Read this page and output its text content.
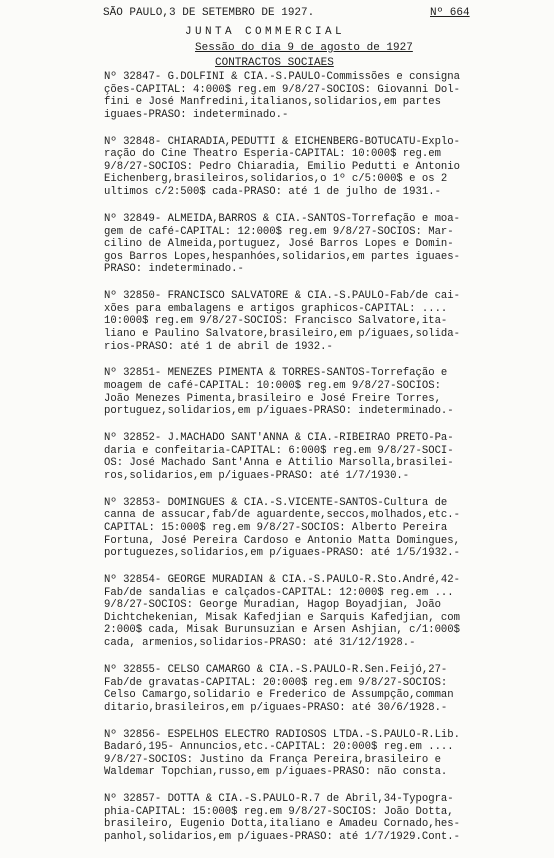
SÃO PAULO,3 DE SETEMBRO DE 1927.	Nº 664
JUNTA COMMERCIAL
Sessão do dia 9 de agosto de 1927
CONTRACTOS SOCIAES
Nº 32847- G.DOLFINI & CIA.-S.PAULO-Commissões e consigna
ções-CAPITAL: 4:000$ reg.em 9/8/27-SOCIOS: Giovanni Dol-
fini e José Manfredini,italianos,solidarios,em partes
iguaes-PRASO: indeterminado.-
Nº 32848- CHIARADIA,PEDUTTI & EICHENBERG-BOTUCATU-Explo-
ração do Cine Theatro Esperia-CAPITAL: 10:000$ reg.em
9/8/27-SOCIOS: Pedro Chiaradia, Emilio Pedutti e Antonio
Eichenberg,brasileiros,solidarios,o 1º c/5:000$ e os 2
ultimos c/2:500$ cada-PRASO: até 1 de julho de 1931.-
Nº 32849- ALMEIDA,BARROS & CIA.-SANTOS-Torrefação e moa-
gem de café-CAPITAL: 12:000$ reg.em 9/8/27-SOCIOS: Mar-
cilino de Almeida,portuguez, José Barros Lopes e Domin-
gos Barros Lopes,hespanhóes,solidarios,em partes iguaes-
PRASO: indeterminado.-
Nº 32850- FRANCISCO SALVATORE & CIA.-S.PAULO-Fab/de cai-
xões para embalagens e artigos graphicos-CAPITAL: ....
10:000$ reg.em 9/8/27-SOCIOS: Francisco Salvatore,ita-
liano e Paulino Salvatore,brasileiro,em p/iguaes,solida-
rios-PRASO: até 1 de abril de 1932.-
Nº 32851- MENEZES PIMENTA & TORRES-SANTOS-Torrefação e
moagem de café-CAPITAL: 10:000$ reg.em 9/8/27-SOCIOS:
João Menezes Pimenta,brasileiro e José Freire Torres,
portuguez,solidarios,em p/iguaes-PRASO: indeterminado.-
Nº 32852- J.MACHADO SANT'ANNA & CIA.-RIBEIRÃO PRETO-Pa-
daria e confeitaria-CAPITAL: 6:000$ reg.em 9/8/27-SOCI-
OS: José Machado Sant'Anna e Attilio Marsolla,brasilei-
ros,solidarios,em p/iguaes-PRASO: até 1/7/1930.-
Nº 32853- DOMINGUES & CIA.-S.VICENTE-SANTOS-Cultura de
canna de assucar,fab/de aguardente,seccos,molhados,etc.-
CAPITAL: 15:000$ reg.em 9/8/27-SOCIOS: Alberto Pereira
Fortuna, José Pereira Cardoso e Antonio Matta Domingues,
portuguezes,solidarios,em p/iguaes-PRASO: até 1/5/1932.-
Nº 32854- GEORGE MURADIAN & CIA.-S.PAULO-R.Sto.André,42-
Fab/de sandalias e calçados-CAPITAL: 12:000$ reg.em ...
9/8/27-SOCIOS: George Muradian, Hagop Boyadjian, João
Dichtchekenian, Misak Kafedjian e Sarquis Kafedjian, com
2:000$ cada, Misak Burunsuzian e Arsen Ashjian, c/1:000$
cada, armenios,solidarios-PRASO: até 31/12/1928.-
Nº 32855- CELSO CAMARGO & CIA.-S.PAULO-R.Sen.Feijó,27-
Fab/de gravatas-CAPITAL: 20:000$ reg.em 9/8/27-SOCIOS:
Celso Camargo,solidario e Frederico de Assumpção,comman
ditario,brasileiros,em p/iguaes-PRASO: até 30/6/1928.-
Nº 32856- ESPELHOS ELECTRO RADIOSOS LTDA.-S.PAULO-R.Lib.
Badaró,195- Annuncios,etc.-CAPITAL: 20:000$ reg.em ....
9/8/27-SOCIOS: Justino da França Pereira,brasileiro e
Waldemar Topchian,russo,em p/iguaes-PRASO: não consta.
Nº 32857- DOTTA & CIA.-S.PAULO-R.7 de Abril,34-Typogra-
phia-CAPITAL: 15:000$ reg.em 9/8/27-SOCIOS: João Dotta,
brasileiro, Eugenio Dotta,italiano e Amadeu Cornado,hes-
panhol,solidarios,em p/iguaes-PRASO: até 1/7/1929.Cont.-
